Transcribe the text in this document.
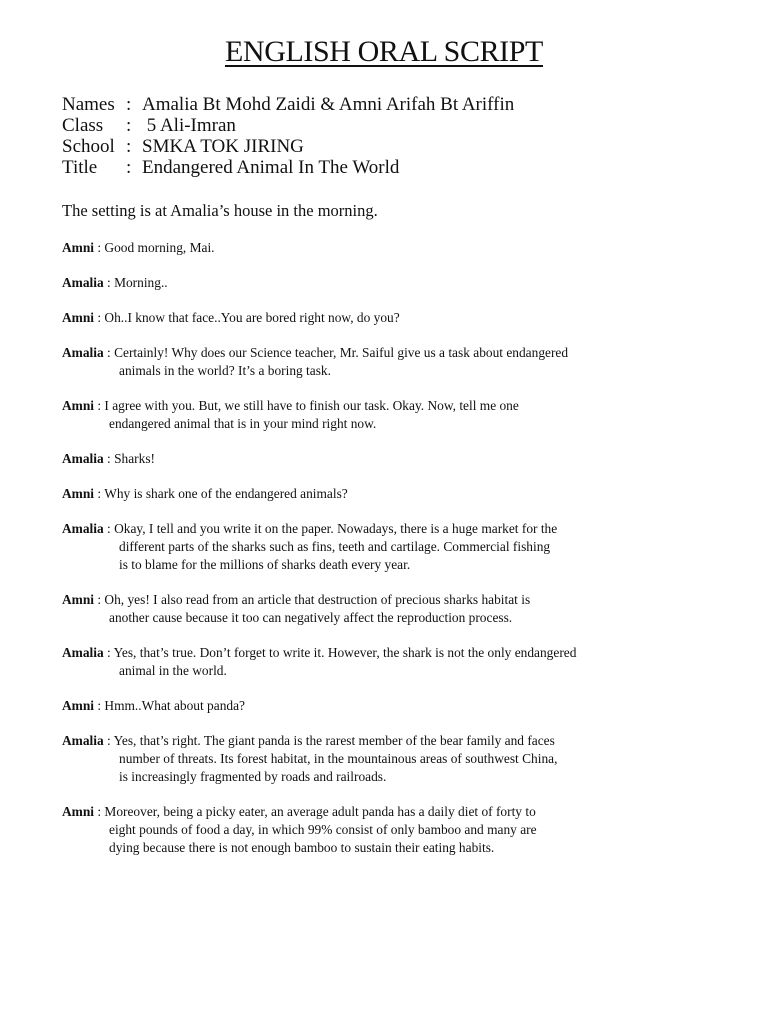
ENGLISH ORAL SCRIPT
Names : Amalia Bt Mohd Zaidi & Amni Arifah Bt Ariffin
Class	: 5 Ali-Imran
School : SMKA TOK JIRING
Title	: Endangered Animal In The World
The setting is at Amalia’s house in the morning.
Amni : Good morning, Mai.
Amalia : Morning..
Amni : Oh..I know that face..You are bored right now, do you?
Amalia : Certainly! Why does our Science teacher, Mr. Saiful give us a task about endangered
animals in the world? It’s a boring task.
Amni : I agree with you. But, we still have to finish our task. Okay. Now, tell me one
endangered animal that is in your mind right now.
Amalia : Sharks!
Amni : Why is shark one of the endangered animals?
Amalia : Okay, I tell and you write it on the paper. Nowadays, there is a huge market for the
different parts of the sharks such as fins, teeth and cartilage. Commercial fishing
is to blame for the millions of sharks death every year.
Amni : Oh, yes! I also read from an article that destruction of precious sharks habitat is
another cause because it too can negatively affect the reproduction process.
Amalia : Yes, that’s true. Don’t forget to write it. However, the shark is not the only endangered
animal in the world.
Amni : Hmm..What about panda?
Amalia : Yes, that’s right. The giant panda is the rarest member of the bear family and faces
number of threats. Its forest habitat, in the mountainous areas of southwest China,
is increasingly fragmented by roads and railroads.
Amni : Moreover, being a picky eater, an average adult panda has a daily diet of forty to
eight pounds of food a day, in which 99% consist of only bamboo and many are
dying because there is not enough bamboo to sustain their eating habits.
